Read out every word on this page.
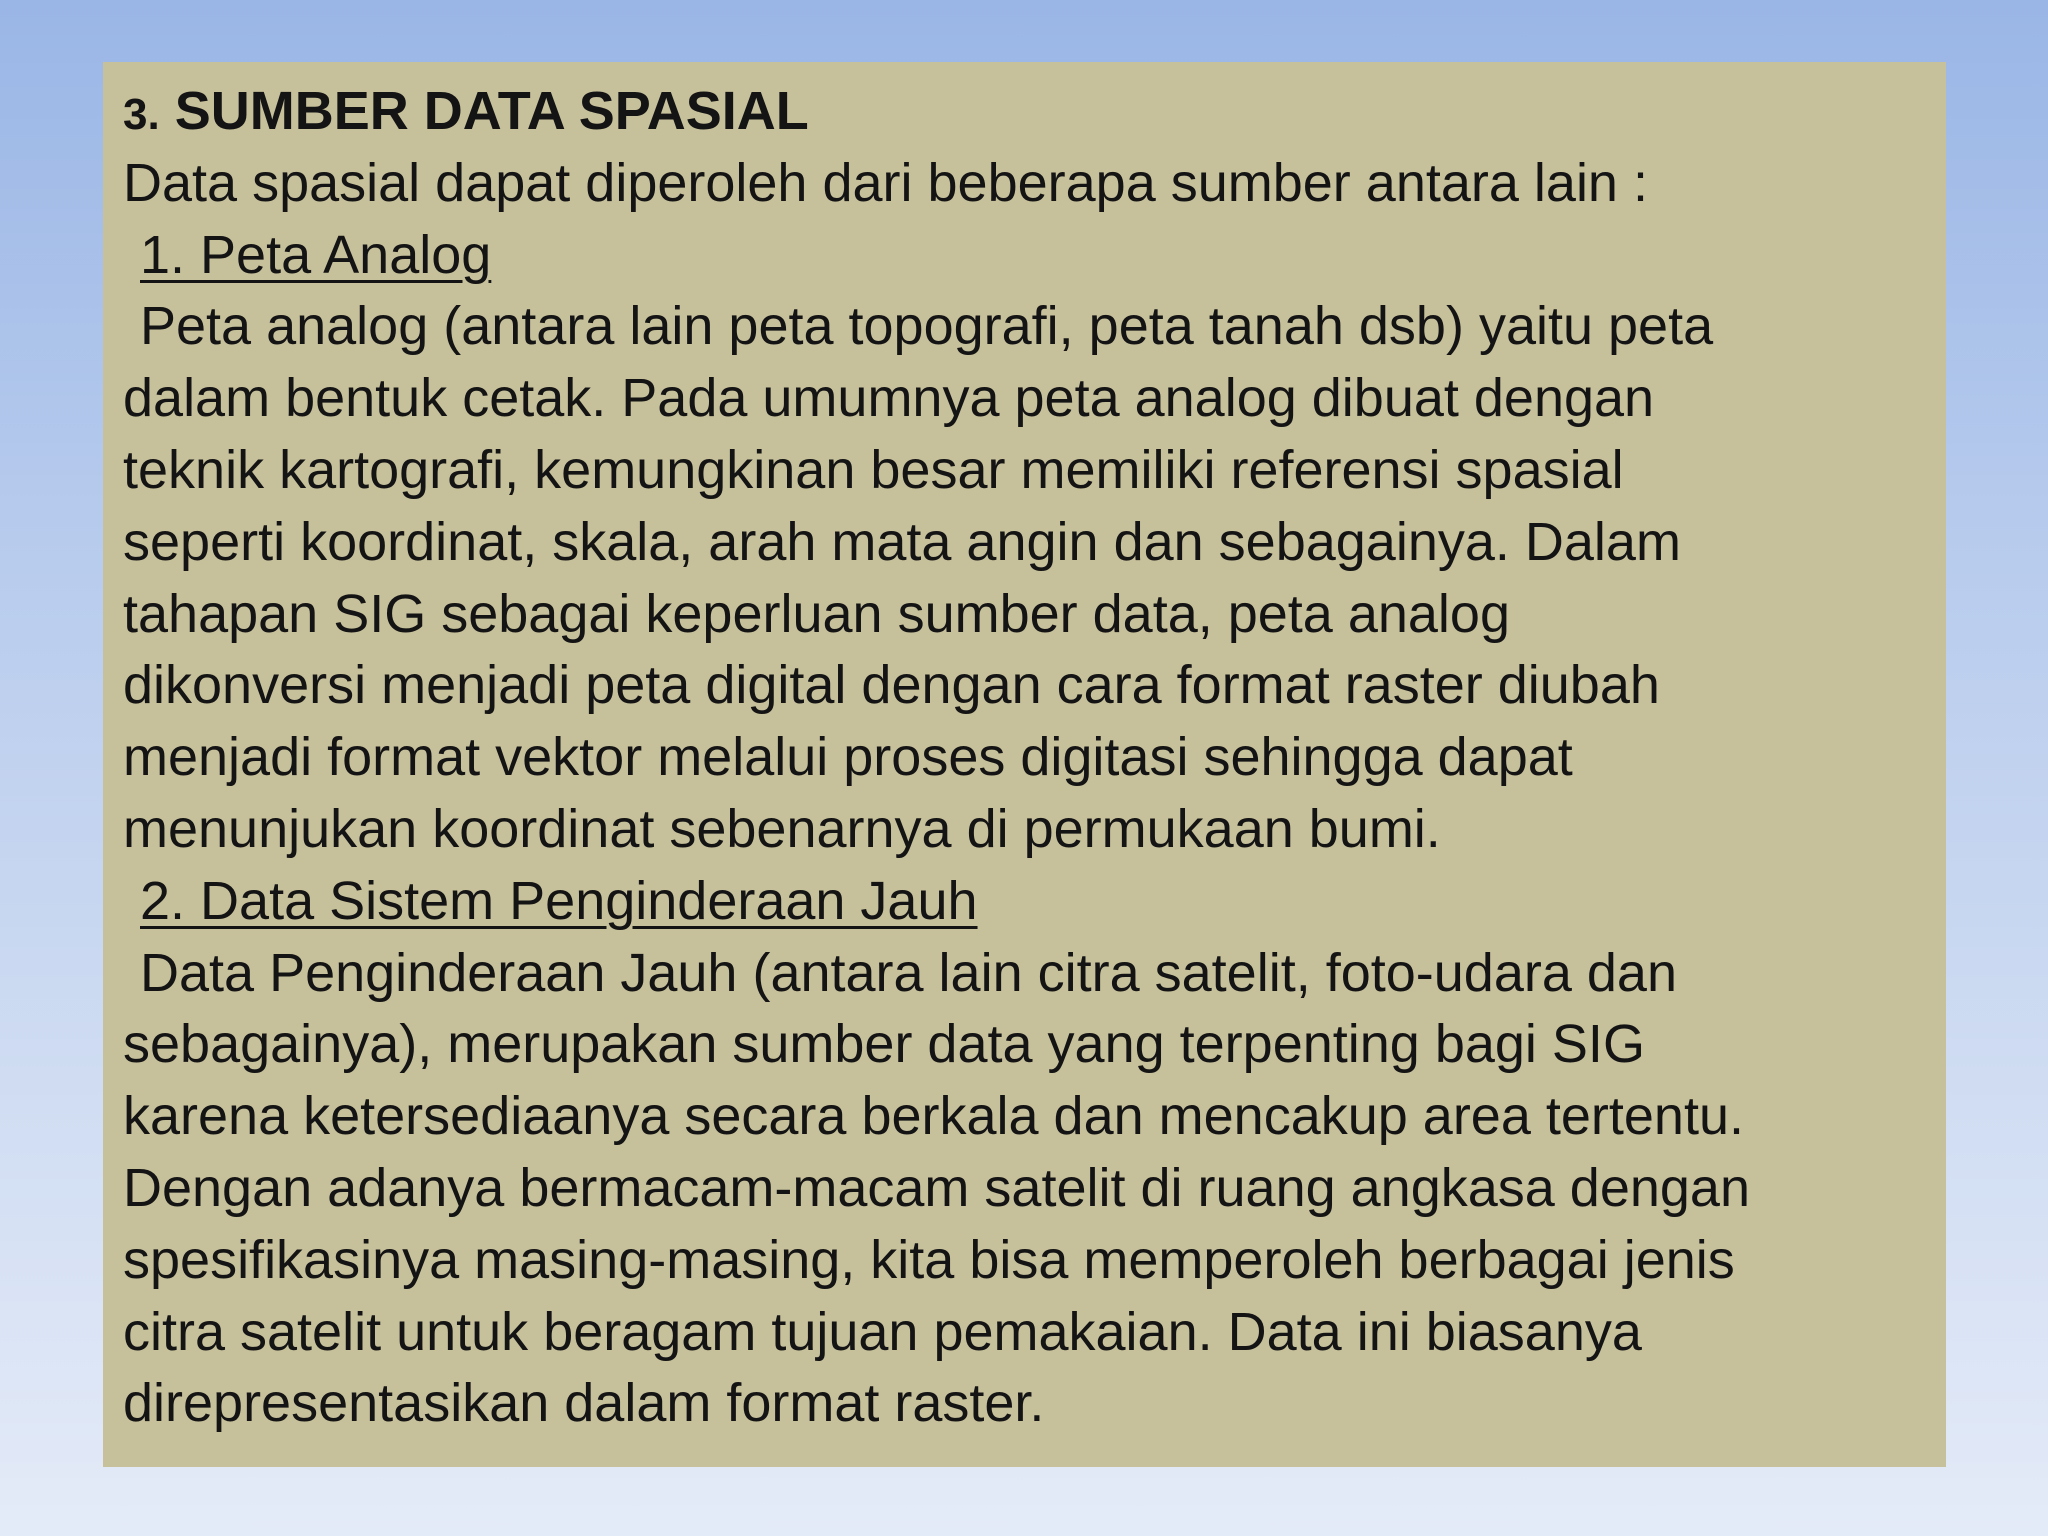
3. SUMBER DATA SPASIAL
Data spasial dapat diperoleh dari beberapa sumber antara lain :
1. Peta Analog
Peta analog (antara lain peta topografi, peta tanah dsb) yaitu peta
dalam bentuk cetak. Pada umumnya peta analog dibuat dengan
teknik kartografi, kemungkinan besar memiliki referensi spasial
seperti koordinat, skala, arah mata angin dan sebagainya. Dalam
tahapan SIG sebagai keperluan sumber data, peta analog
dikonversi menjadi peta digital dengan cara format raster diubah
menjadi format vektor melalui proses digitasi sehingga dapat
menunjukan koordinat sebenarnya di permukaan bumi.
2. Data Sistem Penginderaan Jauh
Data Penginderaan Jauh (antara lain citra satelit, foto-udara dan
sebagainya), merupakan sumber data yang terpenting bagi SIG
karena ketersediaanya secara berkala dan mencakup area tertentu.
Dengan adanya bermacam-macam satelit di ruang angkasa dengan
spesifikasinya masing-masing, kita bisa memperoleh berbagai jenis
citra satelit untuk beragam tujuan pemakaian. Data ini biasanya
direpresentasikan dalam format raster.
